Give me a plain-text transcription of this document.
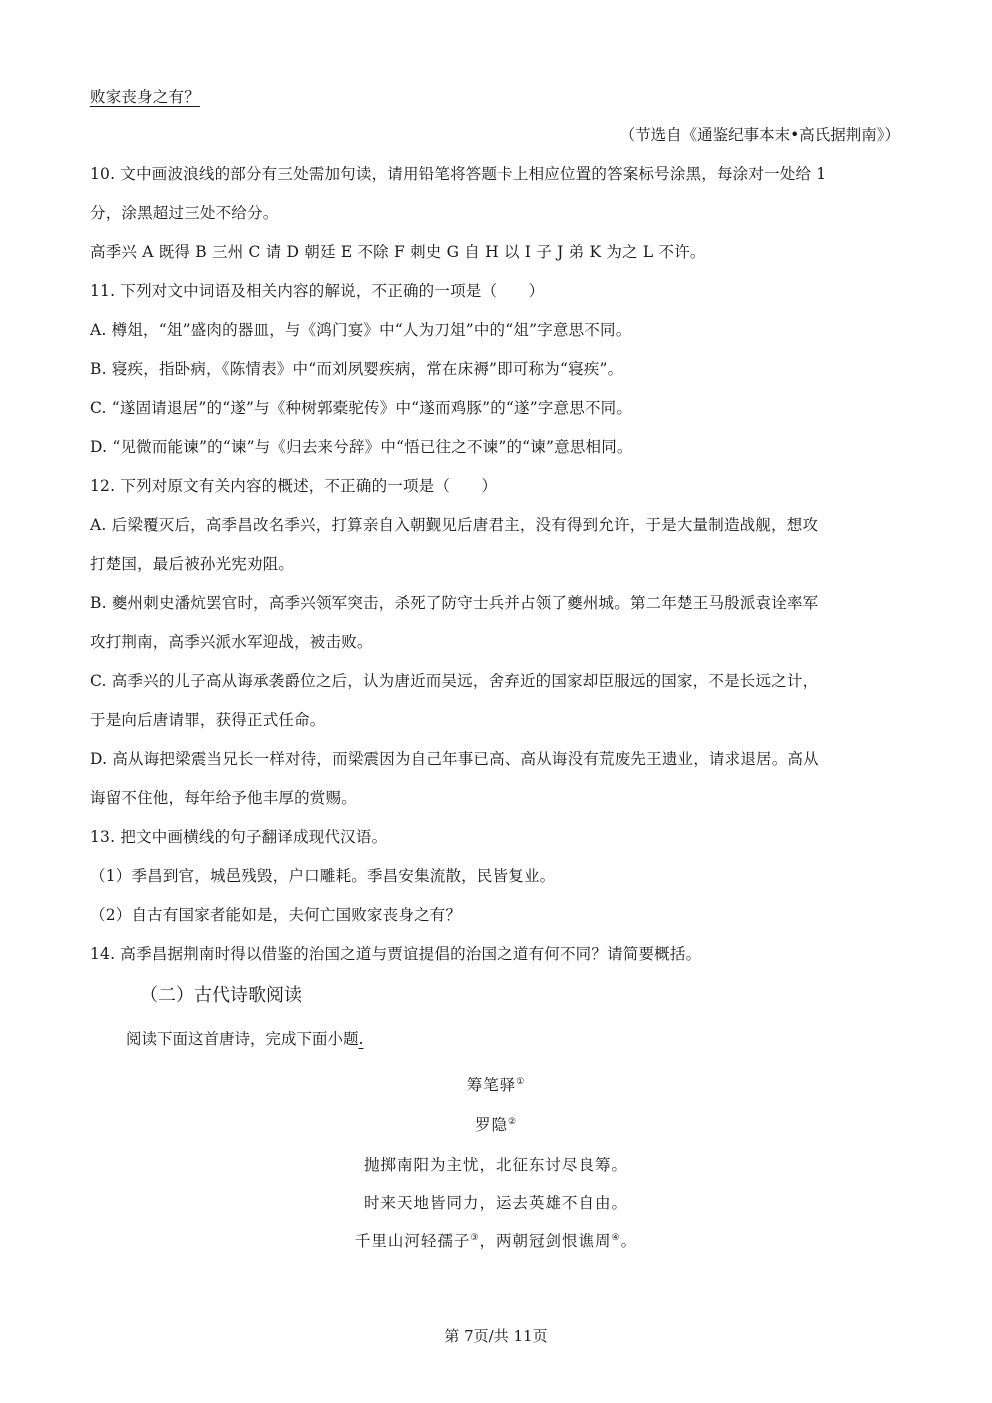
败家丧身之有？
（节选自《通鉴纪事本末•高氏据荆南》）
10. 文中画波浪线的部分有三处需加句读，请用铅笔将答题卡上相应位置的答案标号涂黑，每涂对一处给 1
分，涂黑超过三处不给分。
高季兴 A 既得 B 三州 C 请 D 朝廷 E 不除 F 刺史 G 自 H 以 I 子 J 弟 K 为之 L 不许。
11. 下列对文中词语及相关内容的解说，不正确的一项是（　　）
A. 樽俎，“俎”盛肉的器皿，与《鸿门宴》中“人为刀俎”中的“俎”字意思不同。
B. 寝疾，指卧病，《陈情表》中“而刘夙婴疾病，常在床褥”即可称为“寝疾”。
C. “遂固请退居”的“遂”与《种树郭橐驼传》中“遂而鸡豚”的“遂”字意思不同。
D. “见微而能谏”的“谏”与《归去来兮辞》中“悟已往之不谏”的“谏”意思相同。
12. 下列对原文有关内容的概述，不正确的一项是（　　）
A. 后梁覆灭后，高季昌改名季兴，打算亲自入朝觐见后唐君主，没有得到允许，于是大量制造战舰，想攻
打楚国，最后被孙光宪劝阻。
B. 夔州刺史潘炕罢官时，高季兴领军突击，杀死了防守士兵并占领了夔州城。第二年楚王马殷派袁诠率军
攻打荆南，高季兴派水军迎战，被击败。
C. 高季兴的儿子高从诲承袭爵位之后，认为唐近而吴远，舍弃近的国家却臣服远的国家，不是长远之计，
于是向后唐请罪，获得正式任命。
D. 高从诲把梁震当兄长一样对待，而梁震因为自己年事已高、高从诲没有荒废先王遗业，请求退居。高从
诲留不住他，每年给予他丰厚的赏赐。
13. 把文中画横线的句子翻译成现代汉语。
（1）季昌到官，城邑残毁，户口雕耗。季昌安集流散，民皆复业。
（2）自古有国家者能如是，夫何亡国败家丧身之有？
14. 高季昌据荆南时得以借鉴的治国之道与贾谊提倡的治国之道有何不同？请简要概括。
（二）古代诗歌阅读
阅读下面这首唐诗，完成下面小题.
筹笔驿①
罗隐②
抛掷南阳为主忧，北征东讨尽良筹。
时来天地皆同力，运去英雄不自由。
千里山河轻孺子③，两朝冠剑恨谯周④。
第 7页/共 11页
